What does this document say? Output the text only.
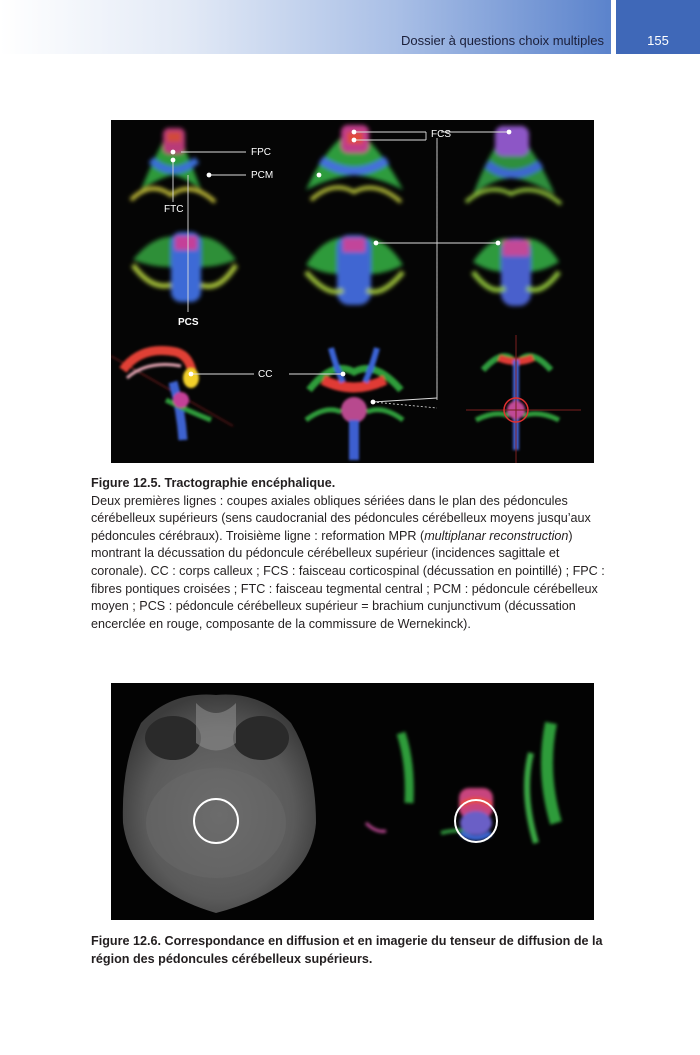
Dossier à questions choix multiples	155
FPC
PCM
FTC
FCS
PCS
CC
Figure 12.5. Tractographie encéphalique.
Deux premières lignes : coupes axiales obliques sériées dans le plan des pédoncules cérébelleux supérieurs (sens caudocranial des pédoncules cérébelleux moyens jusqu’aux pédoncules cérébraux). Troisième ligne : reformation MPR (multiplanar reconstruction) montrant la décussation du pédoncule cérébelleux supérieur (incidences sagittale et coronale). CC : corps calleux ; FCS : faisceau corticospinal (décussation en pointillé) ; FPC : fibres pontiques croisées ; FTC : faisceau tegmental central ; PCM : pédoncule cérébelleux moyen ; PCS : pédoncule cérébelleux supérieur = brachium cunjunctivum (décussation encerclée en rouge, composante de la commissure de Wernekinck).
Figure 12.6. Correspondance en diffusion et en imagerie du tenseur de diffusion de la région des pédoncules cérébelleux supérieurs.
